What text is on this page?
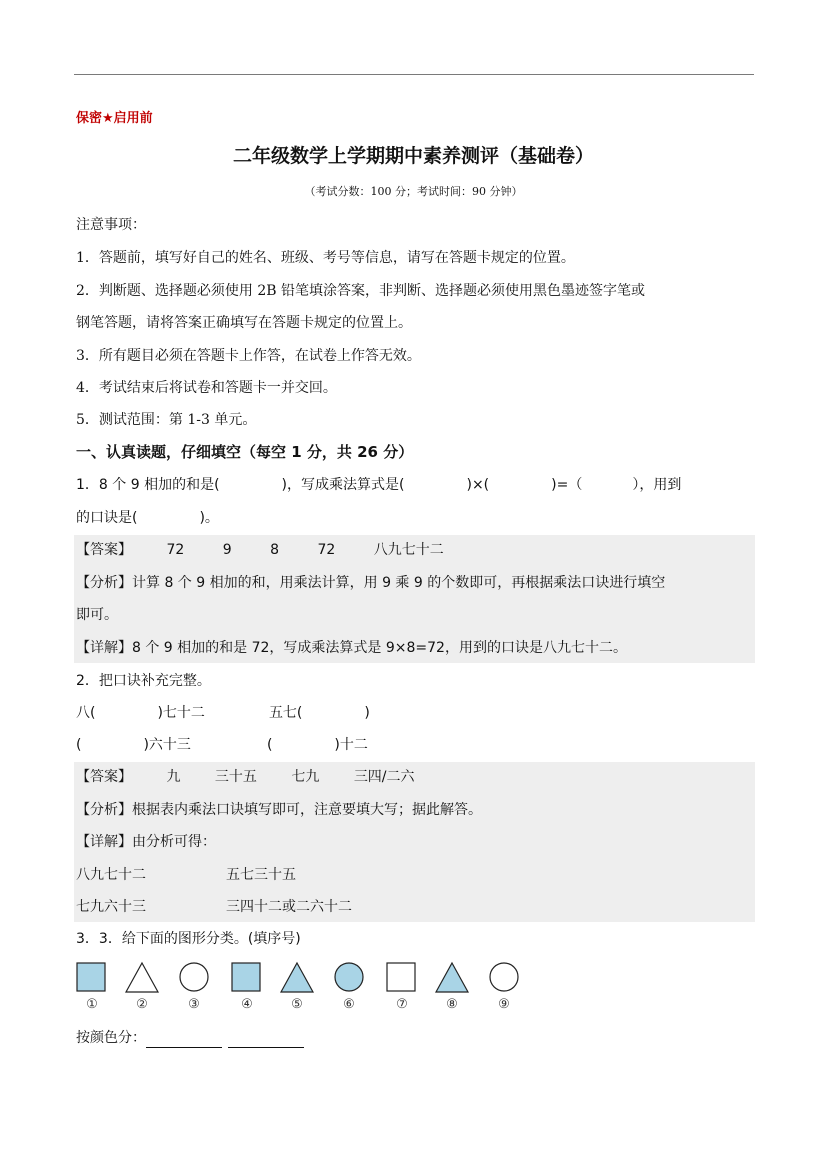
保密★启用前
二年级数学上学期期中素养测评（基础卷）
（考试分数：100 分；考试时间：90 分钟）
注意事项：
1．答题前，填写好自己的姓名、班级、考号等信息，请写在答题卡规定的位置。
2．判断题、选择题必须使用 2B 铅笔填涂答案，非判断、选择题必须使用黑色墨迹签字笔或
钢笔答题，请将答案正确填写在答题卡规定的位置上。
3．所有题目必须在答题卡上作答，在试卷上作答无效。
4．考试结束后将试卷和答题卡一并交回。
5．测试范围：第 1-3 单元。
一、认真读题，仔细填空（每空 1 分，共 26 分）
1．8 个 9 相加的和是(	)，写成乘法算式是(	)×(	)=（	），用到
的口诀是(	)。
【答案】 72	9	8	72	八九七十二
【分析】计算 8 个 9 相加的和，用乘法计算，用 9 乘 9 的个数即可，再根据乘法口诀进行填空
即可。
【详解】8 个 9 相加的和是 72，写成乘法算式是 9×8=72，用到的口诀是八九七十二。
2．把口诀补充完整。
八(	)七十二	五七(	)
(	)六十三	(	)十二
【答案】 九 三十五 七九 三四/二六
【分析】根据表内乘法口诀填写即可，注意要填大写；据此解答。
【详解】由分析可得：
八九七十二	五七三十五
七九六十三	三四十二或二六十二
3．3．给下面的图形分类。(填序号)
①	②	③	④	⑤	⑥	⑦	⑧	⑨
按颜色分：
